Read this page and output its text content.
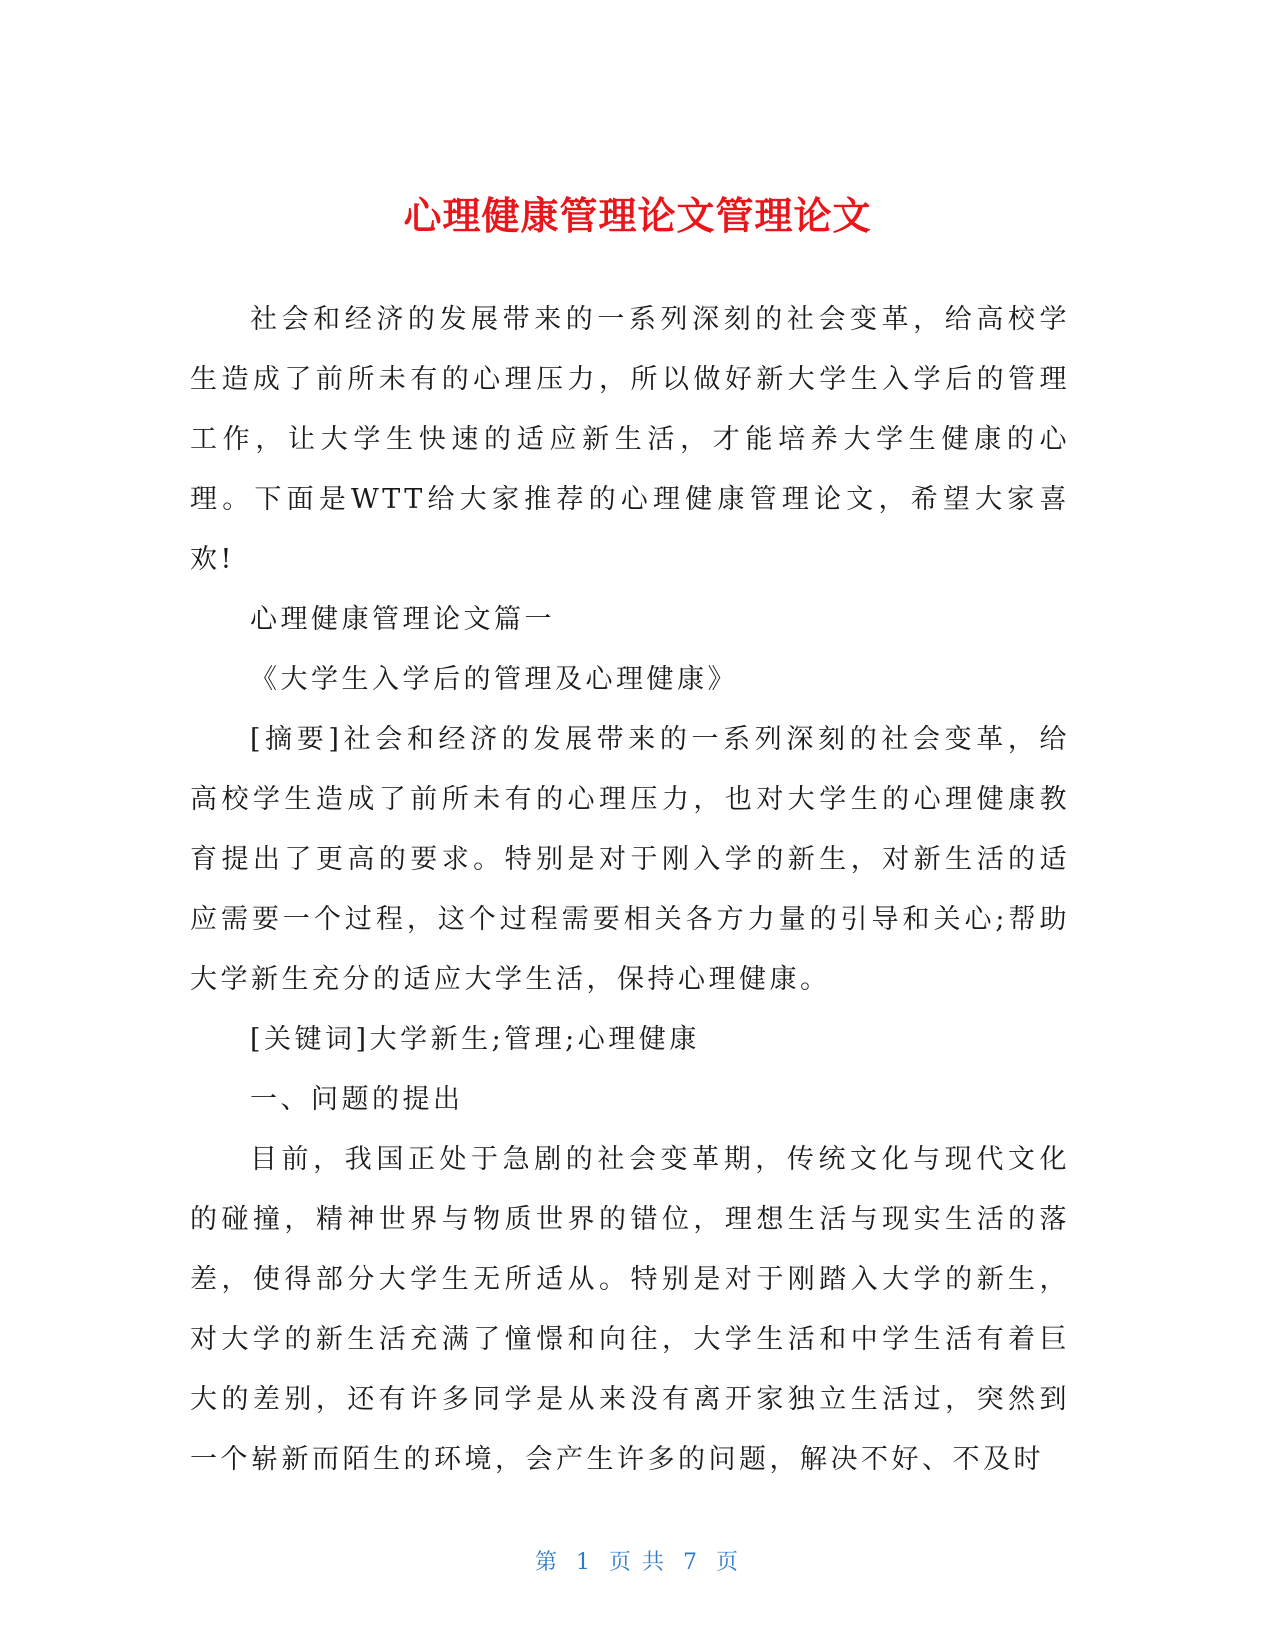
心理健康管理论文管理论文

社会和经济的发展带来的一系列深刻的社会变革，给高校学生造成了前所未有的心理压力，所以做好新大学生入学后的管理工作，让大学生快速的适应新生活，才能培养大学生健康的心理。下面是WTT给大家推荐的心理健康管理论文，希望大家喜欢!

心理健康管理论文篇一

《大学生入学后的管理及心理健康》

[摘要]社会和经济的发展带来的一系列深刻的社会变革，给高校学生造成了前所未有的心理压力，也对大学生的心理健康教育提出了更高的要求。特别是对于刚入学的新生，对新生活的适应需要一个过程，这个过程需要相关各方力量的引导和关心;帮助大学新生充分的适应大学生活，保持心理健康。

[关键词]大学新生;管理;心理健康

一、问题的提出

目前，我国正处于急剧的社会变革期，传统文化与现代文化的碰撞，精神世界与物质世界的错位，理想生活与现实生活的落差，使得部分大学生无所适从。特别是对于刚踏入大学的新生，对大学的新生活充满了憧憬和向往，大学生活和中学生活有着巨大的差别，还有许多同学是从来没有离开家独立生活过，突然到一个崭新而陌生的环境，会产生许多的问题，解决不好、不及时

第 1 页 共 7 页
